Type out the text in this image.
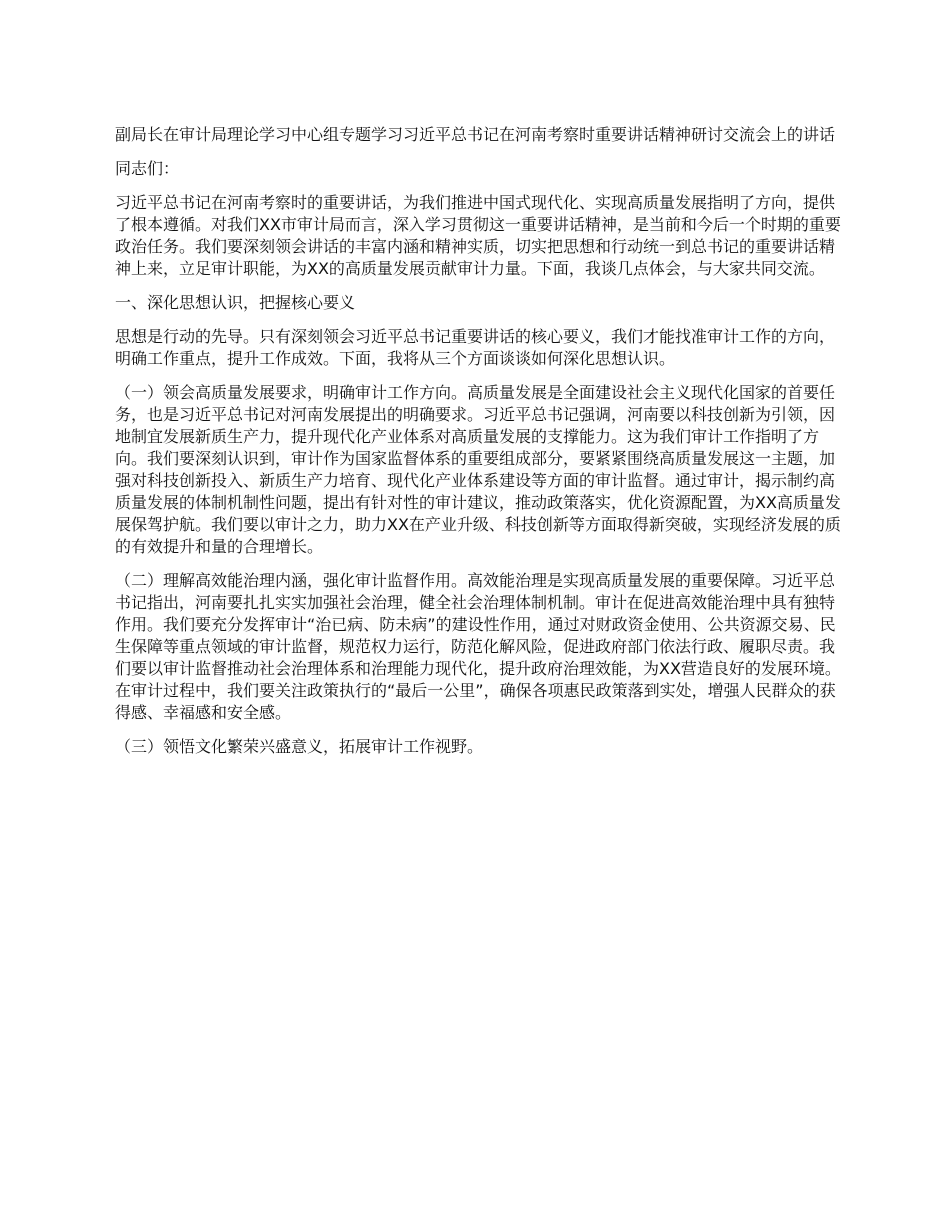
副局长在审计局理论学习中心组专题学习习近平总书记在河南考察时重要讲话精神研讨交流会上的讲话

同志们：

习近平总书记在河南考察时的重要讲话，为我们推进中国式现代化、实现高质量发展指明了方向，提供了根本遵循。对我们XX市审计局而言，深入学习贯彻这一重要讲话精神，是当前和今后一个时期的重要政治任务。我们要深刻领会讲话的丰富内涵和精神实质，切实把思想和行动统一到总书记的重要讲话精神上来，立足审计职能，为XX的高质量发展贡献审计力量。下面，我谈几点体会，与大家共同交流。

一、深化思想认识，把握核心要义

思想是行动的先导。只有深刻领会习近平总书记重要讲话的核心要义，我们才能找准审计工作的方向，明确工作重点，提升工作成效。下面，我将从三个方面谈谈如何深化思想认识。

（一）领会高质量发展要求，明确审计工作方向。高质量发展是全面建设社会主义现代化国家的首要任务，也是习近平总书记对河南发展提出的明确要求。习近平总书记强调，河南要以科技创新为引领，因地制宜发展新质生产力，提升现代化产业体系对高质量发展的支撑能力。这为我们审计工作指明了方向。我们要深刻认识到，审计作为国家监督体系的重要组成部分，要紧紧围绕高质量发展这一主题，加强对科技创新投入、新质生产力培育、现代化产业体系建设等方面的审计监督。通过审计，揭示制约高质量发展的体制机制性问题，提出有针对性的审计建议，推动政策落实，优化资源配置，为XX高质量发展保驾护航。我们要以审计之力，助力XX在产业升级、科技创新等方面取得新突破，实现经济发展的质的有效提升和量的合理增长。

（二）理解高效能治理内涵，强化审计监督作用。高效能治理是实现高质量发展的重要保障。习近平总书记指出，河南要扎扎实实加强社会治理，健全社会治理体制机制。审计在促进高效能治理中具有独特作用。我们要充分发挥审计“治已病、防未病”的建设性作用，通过对财政资金使用、公共资源交易、民生保障等重点领域的审计监督，规范权力运行，防范化解风险，促进政府部门依法行政、履职尽责。我们要以审计监督推动社会治理体系和治理能力现代化，提升政府治理效能，为XX营造良好的发展环境。在审计过程中，我们要关注政策执行的“最后一公里”，确保各项惠民政策落到实处，增强人民群众的获得感、幸福感和安全感。

（三）领悟文化繁荣兴盛意义，拓展审计工作视野。
